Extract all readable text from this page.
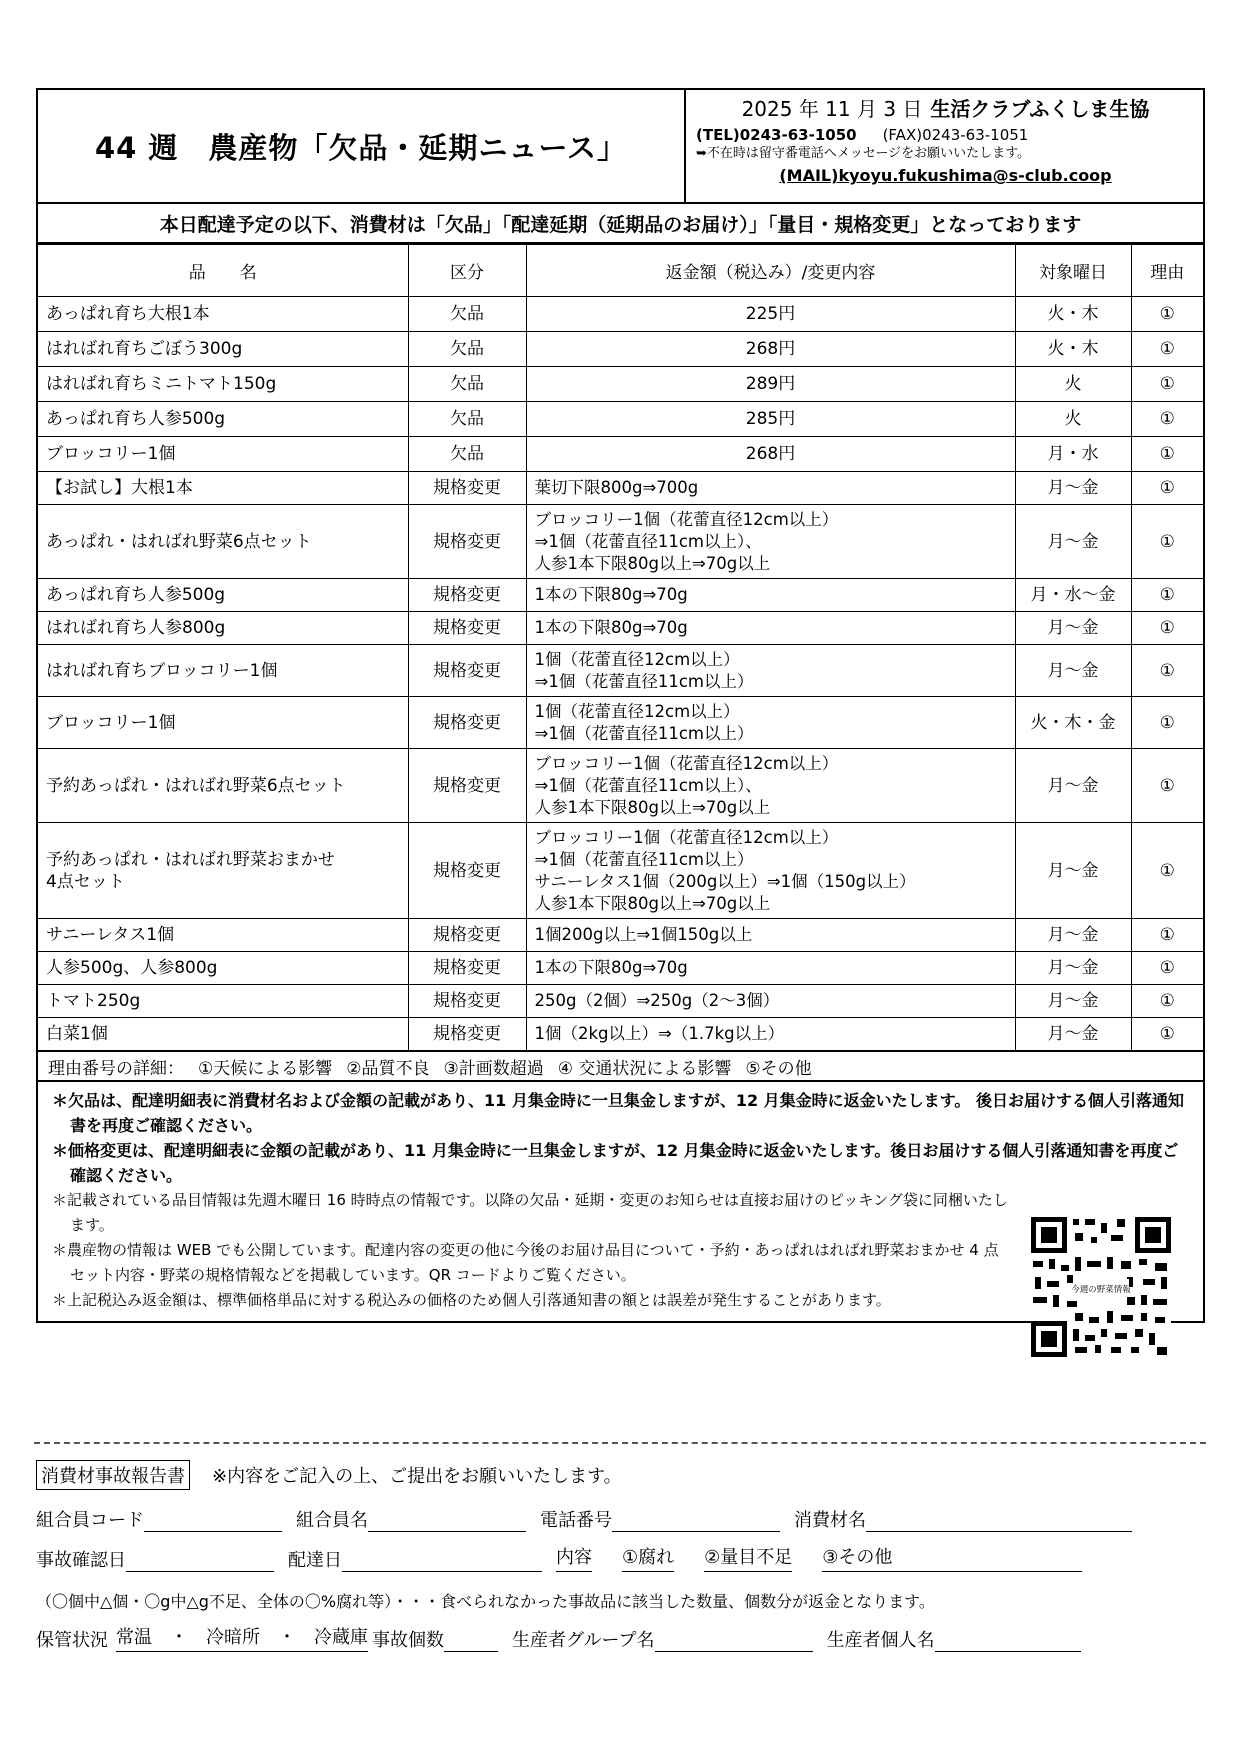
44 週　農産物「欠品・延期ニュース」
2025 年 11 月 3 日 生活クラブふくしま生協
(TEL)0243-63-1050 (FAX)0243-63-1051
➥不在時は留守番電話へメッセージをお願いいたします。
(MAIL)kyoyu.fukushima@s-club.coop
本日配達予定の以下、消費材は「欠品」「配達延期（延期品のお届け）」「量目・規格変更」となっております
品　　名	区分	返金額（税込み）/変更内容	対象曜日	理由
あっぱれ育ち大根1本	欠品	225円	火・木	①
はればれ育ちごぼう300g	欠品	268円	火・木	①
はればれ育ちミニトマト150g	欠品	289円	火	①
あっぱれ育ち人参500g	欠品	285円	火	①
ブロッコリー1個	欠品	268円	月・水	①
【お試し】大根1本	規格変更	葉切下限800g⇒700g	月～金	①
あっぱれ・はればれ野菜6点セット	規格変更	ブロッコリー1個（花蕾直径12cm以上）
⇒1個（花蕾直径11cm以上）、
人参1本下限80g以上⇒70g以上	月～金	①
あっぱれ育ち人参500g	規格変更	1本の下限80g⇒70g	月・水～金	①
はればれ育ち人参800g	規格変更	1本の下限80g⇒70g	月～金	①
はればれ育ちブロッコリー1個	規格変更	1個（花蕾直径12cm以上）
⇒1個（花蕾直径11cm以上）	月～金	①
ブロッコリー1個	規格変更	1個（花蕾直径12cm以上）
⇒1個（花蕾直径11cm以上）	火・木・金	①
予約あっぱれ・はればれ野菜6点セット	規格変更	ブロッコリー1個（花蕾直径12cm以上）
⇒1個（花蕾直径11cm以上）、
人参1本下限80g以上⇒70g以上	月～金	①
予約あっぱれ・はればれ野菜おまかせ
4点セット	規格変更	ブロッコリー1個（花蕾直径12cm以上）
⇒1個（花蕾直径11cm以上）
サニーレタス1個（200g以上）⇒1個（150g以上）
人参1本下限80g以上⇒70g以上	月～金	①
サニーレタス1個	規格変更	1個200g以上⇒1個150g以上	月～金	①
人参500g、人参800g	規格変更	1本の下限80g⇒70g	月～金	①
トマト250g	規格変更	250g（2個）⇒250g（2～3個）	月～金	①
白菜1個	規格変更	1個（2kg以上）⇒（1.7kg以上）	月～金	①
理由番号の詳細： ①天候による影響 ②品質不良 ③計画数超過 ④ 交通状況による影響 ⑤その他
＊欠品は、配達明細表に消費材名および金額の記載があり、11 月集金時に一旦集金しますが、12 月集金時に返金いたします。 後日お届けする個人引落通知書を再度ご確認ください。
＊価格変更は、配達明細表に金額の記載があり、11 月集金時に一旦集金しますが、12 月集金時に返金いたします。後日お届けする個人引落通知書を再度ご確認ください。
＊記載されている品目情報は先週木曜日 16 時時点の情報です。以降の欠品・延期・変更のお知らせは直接お届けのピッキング袋に同梱いたします。
＊農産物の情報は WEB でも公開しています。配達内容の変更の他に今後のお届け品目について・予約・あっぱれはればれ野菜おまかせ 4 点セット内容・野菜の規格情報などを掲載しています。QR コードよりご覧ください。
＊上記税込み返金額は、標準価格単品に対する税込みの価格のため個人引落通知書の額とは誤差が発生することがあります。
今週の野菜情報
消費材事故報告書 ※内容をご記入の上、ご提出をお願いいたします。
組合員コード	組合員名	電話番号	消費材名
事故確認日	配達日	内容 ①腐れ ②量目不足 ③その他
（〇個中△個・〇g中△g不足、全体の〇%腐れ等）・・・食べられなかった事故品に該当した数量、個数分が返金となります。
保管状況 常温　・　冷暗所　・　冷蔵庫 事故個数	生産者グループ名	生産者個人名
